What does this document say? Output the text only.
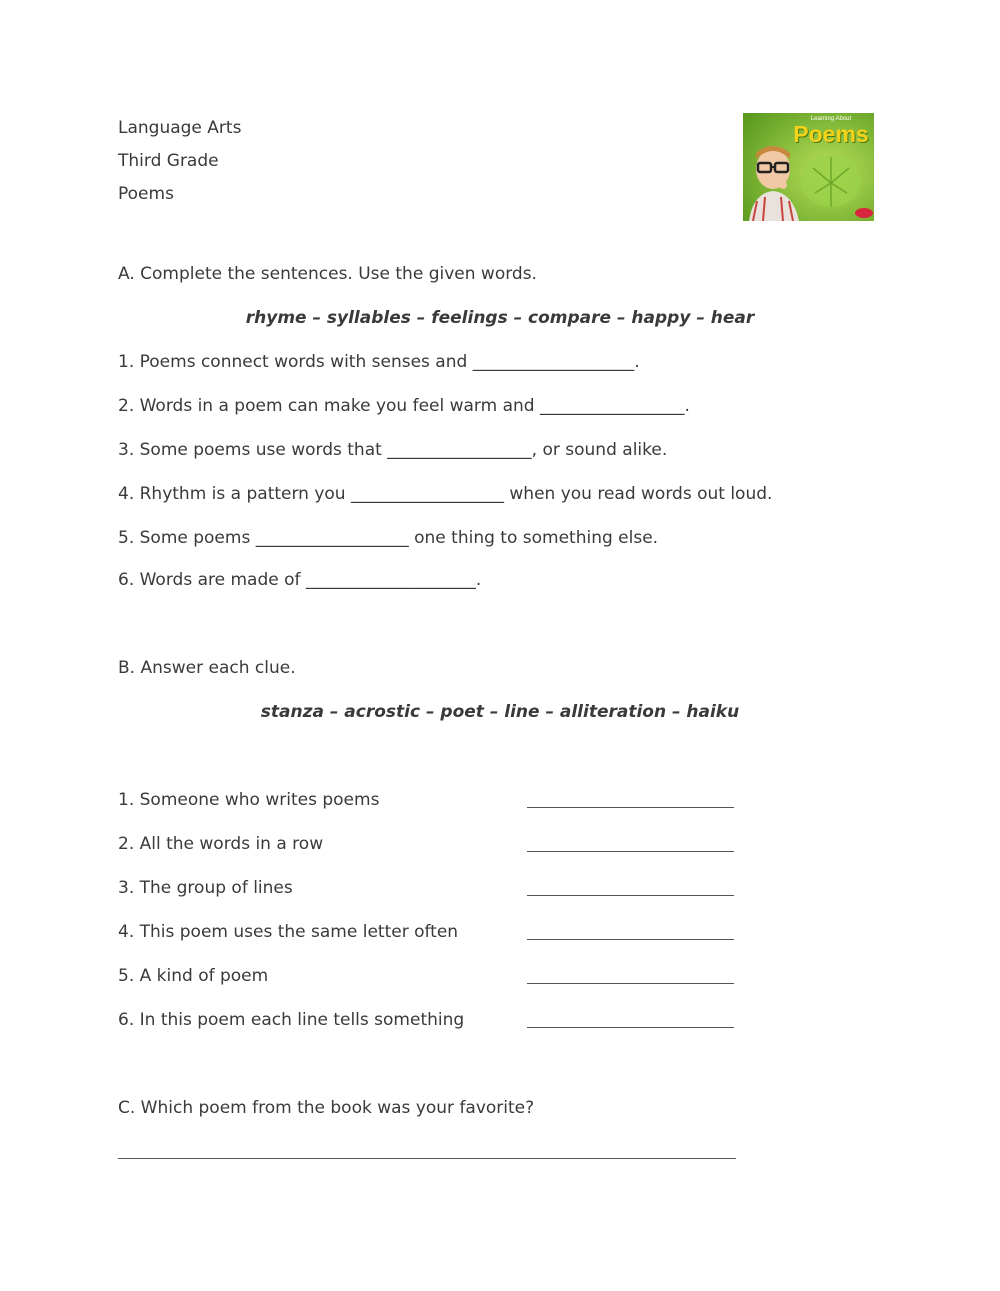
Language Arts
Third Grade
Poems
Learning About
Poems
A. Complete the sentences. Use the given words.
rhyme – syllables – feelings – compare – happy – hear
1. Poems connect words with senses and ___________________.
2. Words in a poem can make you feel warm and _________________.
3. Some poems use words that _________________, or sound alike.
4. Rhythm is a pattern you __________________ when you read words out loud.
5. Some poems __________________ one thing to something else.
6. Words are made of ____________________.
B. Answer each clue.
stanza – acrostic – poet – line – alliteration – haiku
1. Someone who writes poems
2. All the words in a row
3. The group of lines
4. This poem uses the same letter often
5. A kind of poem
6. In this poem each line tells something
C. Which poem from the book was your favorite?
